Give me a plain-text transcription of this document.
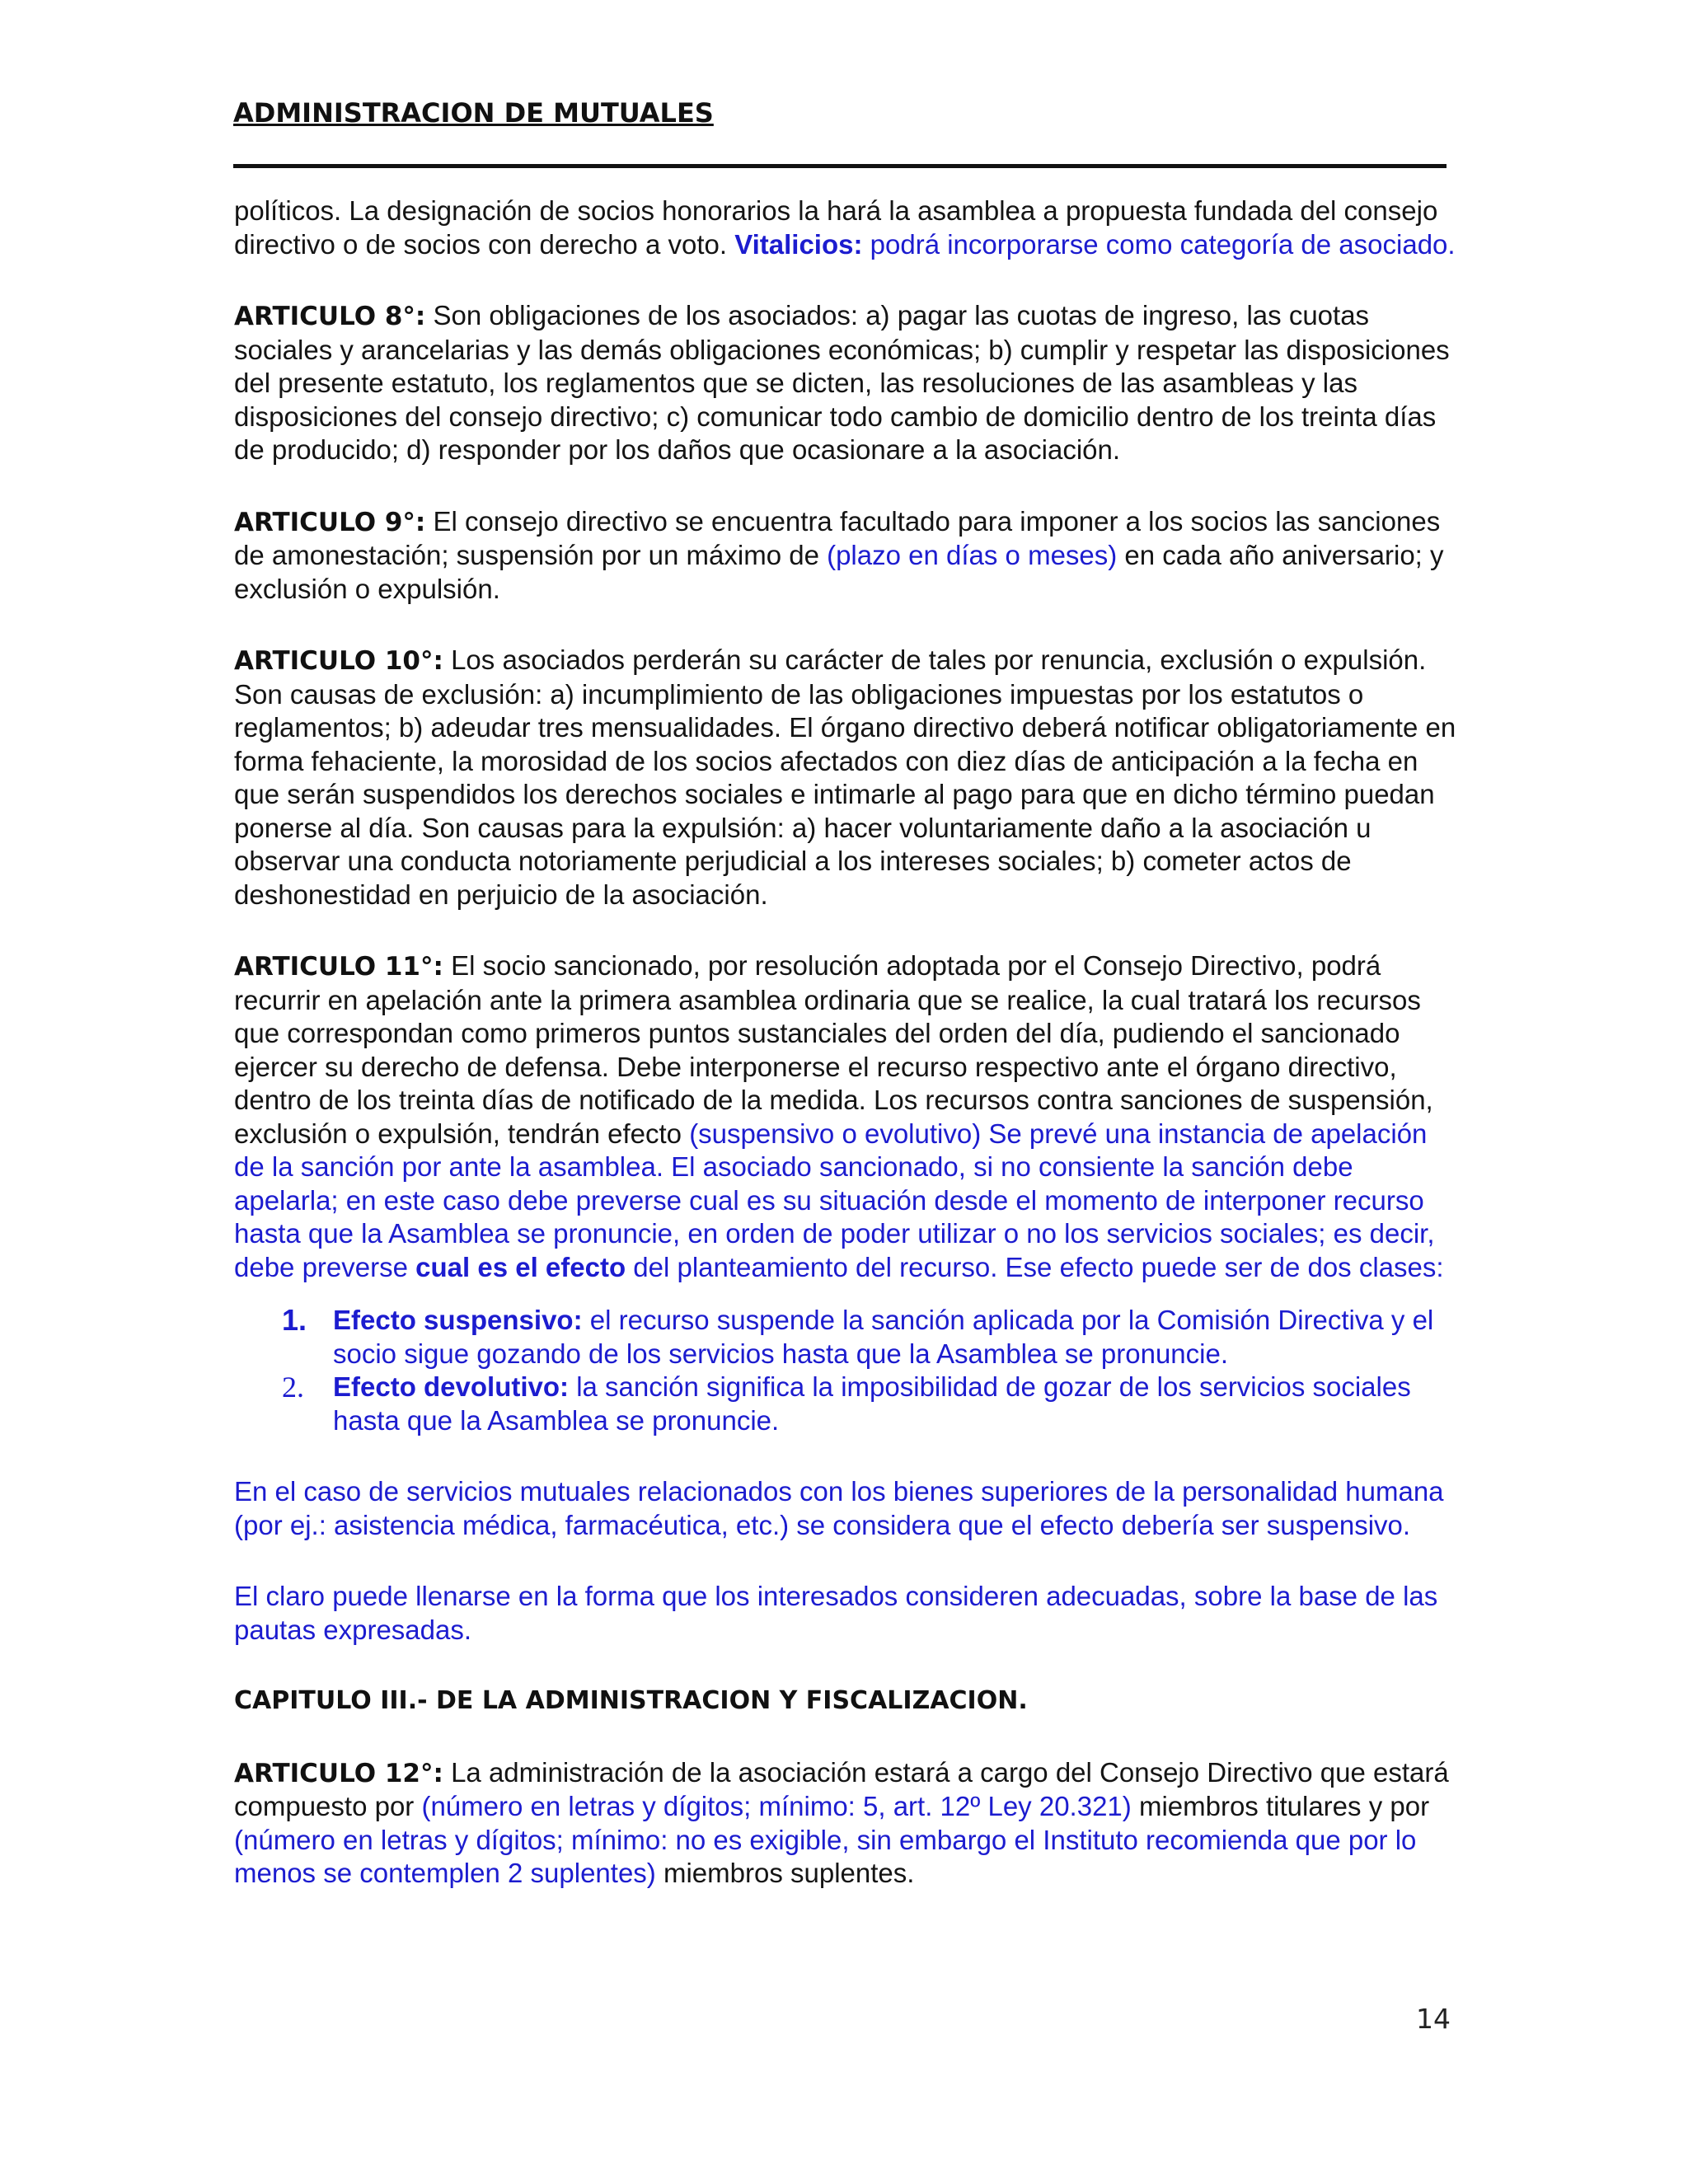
ADMINISTRACION DE MUTUALES

políticos. La designación de socios honorarios la hará la asamblea a propuesta fundada del consejo directivo o de socios con derecho a voto. Vitalicios: podrá incorporarse como categoría de asociado.

ARTICULO 8°: Son obligaciones de los asociados: a) pagar las cuotas de ingreso, las cuotas sociales y arancelarias y las demás obligaciones económicas; b) cumplir y respetar las disposiciones del presente estatuto, los reglamentos que se dicten, las resoluciones de las asambleas y las disposiciones del consejo directivo; c) comunicar todo cambio de domicilio dentro de los treinta días de producido; d) responder por los daños que ocasionare a la asociación.

ARTICULO 9°: El consejo directivo se encuentra facultado para imponer a los socios las sanciones de amonestación; suspensión por un máximo de (plazo en días o meses) en cada año aniversario; y exclusión o expulsión.

ARTICULO 10°: Los asociados perderán su carácter de tales por renuncia, exclusión o expulsión. Son causas de exclusión: a) incumplimiento de las obligaciones impuestas por los estatutos o reglamentos; b) adeudar tres mensualidades. El órgano directivo deberá notificar obligatoriamente en forma fehaciente, la morosidad de los socios afectados con diez días de anticipación a la fecha en que serán suspendidos los derechos sociales e intimarle al pago para que en dicho término puedan ponerse al día. Son causas para la expulsión: a) hacer voluntariamente daño a la asociación u observar una conducta notoriamente perjudicial a los intereses sociales; b) cometer actos de deshonestidad en perjuicio de la asociación.

ARTICULO 11°: El socio sancionado, por resolución adoptada por el Consejo Directivo, podrá recurrir en apelación ante la primera asamblea ordinaria que se realice, la cual tratará los recursos que correspondan como primeros puntos sustanciales del orden del día, pudiendo el sancionado ejercer su derecho de defensa. Debe interponerse el recurso respectivo ante el órgano directivo, dentro de los treinta días de notificado de la medida. Los recursos contra sanciones de suspensión, exclusión o expulsión, tendrán efecto (suspensivo o evolutivo) Se prevé una instancia de apelación de la sanción por ante la asamblea. El asociado sancionado, si no consiente la sanción debe apelarla; en este caso debe preverse cual es su situación desde el momento de interponer recurso hasta que la Asamblea se pronuncie, en orden de poder utilizar o no los servicios sociales; es decir, debe preverse cual es el efecto del planteamiento del recurso. Ese efecto puede ser de dos clases:

1. Efecto suspensivo: el recurso suspende la sanción aplicada por la Comisión Directiva y el socio sigue gozando de los servicios hasta que la Asamblea se pronuncie.
2.	Efecto devolutivo: la sanción significa la imposibilidad de gozar de los servicios sociales hasta que la Asamblea se pronuncie.

En el caso de servicios mutuales relacionados con los bienes superiores de la personalidad humana (por ej.: asistencia médica, farmacéutica, etc.) se considera que el efecto debería ser suspensivo.

El claro puede llenarse en la forma que los interesados consideren adecuadas, sobre la base de las pautas expresadas.

CAPITULO III.- DE LA ADMINISTRACION Y FISCALIZACION.

ARTICULO 12°: La administración de la asociación estará a cargo del Consejo Directivo que estará compuesto por (número en letras y dígitos; mínimo: 5, art. 12º Ley 20.321) miembros titulares y por (número en letras y dígitos; mínimo: no es exigible, sin embargo el Instituto recomienda que por lo menos se contemplen 2 suplentes) miembros suplentes.

14
